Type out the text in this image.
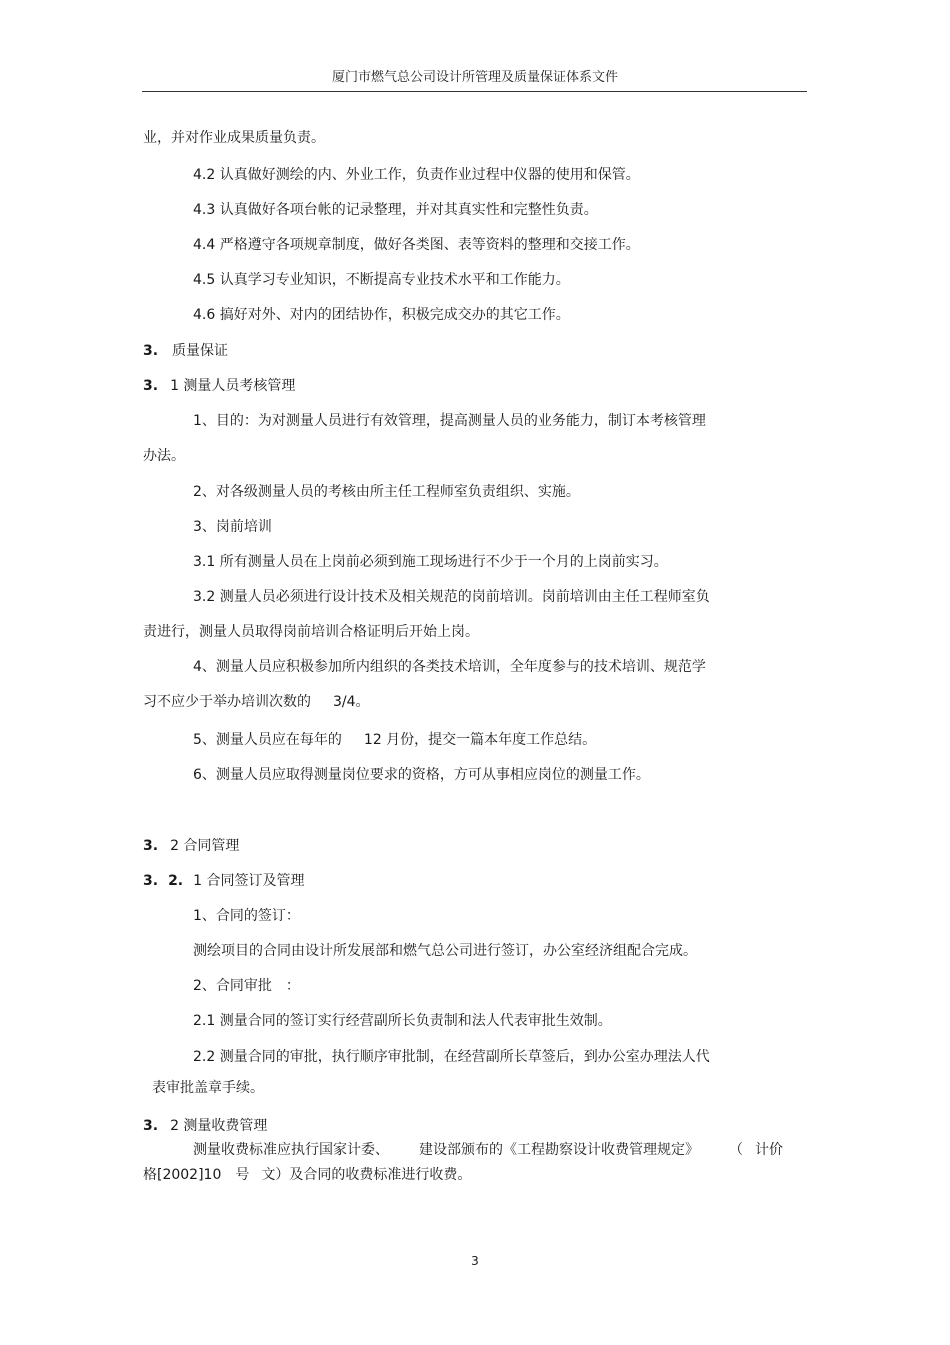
厦门市燃气总公司设计所管理及质量保证体系文件
业，并对作业成果质量负责。
4.2 认真做好测绘的内、外业工作，负责作业过程中仪器的使用和保管。
4.3 认真做好各项台帐的记录整理，并对其真实性和完整性负责。
4.4 严格遵守各项规章制度，做好各类图、表等资料的整理和交接工作。
4.5 认真学习专业知识，不断提高专业技术水平和工作能力。
4.6 搞好对外、对内的团结协作，积极完成交办的其它工作。
3. 质量保证
3. 1 测量人员考核管理
1、目的：为对测量人员进行有效管理，提高测量人员的业务能力，制订本考核管理
办法。
2、对各级测量人员的考核由所主任工程师室负责组织、实施。
3、岗前培训
3.1 所有测量人员在上岗前必须到施工现场进行不少于一个月的上岗前实习。
3.2 测量人员必须进行设计技术及相关规范的岗前培训。岗前培训由主任工程师室负
责进行，测量人员取得岗前培训合格证明后开始上岗。
4、测量人员应积极参加所内组织的各类技术培训，全年度参与的技术培训、规范学
习不应少于举办培训次数的 3/4。
5、测量人员应在每年的 12 月份，提交一篇本年度工作总结。
6、测量人员应取得测量岗位要求的资格，方可从事相应岗位的测量工作。
3. 2 合同管理
3. 2. 1 合同签订及管理
1、合同的签订：
测绘项目的合同由设计所发展部和燃气总公司进行签订，办公室经济组配合完成。
2、合同审批 ：
2.1 测量合同的签订实行经营副所长负责制和法人代表审批生效制。
2.2 测量合同的审批，执行顺序审批制，在经营副所长草签后，到办公室办理法人代
表审批盖章手续。
3. 2 测量收费管理
测量收费标准应执行国家计委、 建设部颁布的《工程勘察设计收费管理规定》 （ 计价
格[2002]10 号 文）及合同的收费标准进行收费。
3
